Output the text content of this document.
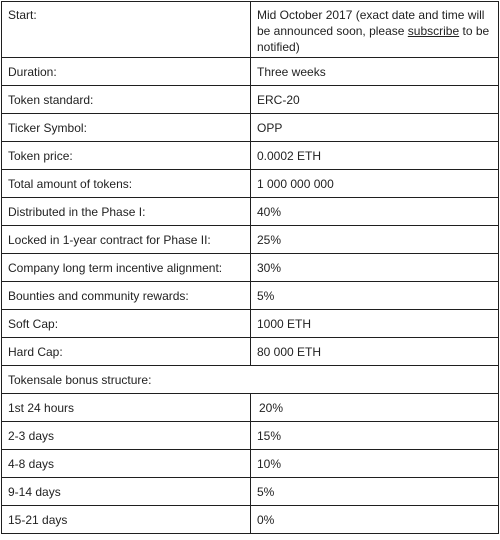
Start:	Mid October 2017 (exact date and time will be announced soon, please subscribe to be notified)
Duration:	Three weeks
Token standard:	ERC-20
Ticker Symbol:	OPP
Token price:	0.0002 ETH
Total amount of tokens:	1 000 000 000
Distributed in the Phase I:	40%
Locked in 1-year contract for Phase II:	25%
Company long term incentive alignment:	30%
Bounties and community rewards:	5%
Soft Cap:	1000 ETH
Hard Cap:	80 000 ETH
Tokensale bonus structure:	
1st 24 hours	20%
2-3 days	15%
4-8 days	10%
9-14 days	5%
15-21 days	0%
